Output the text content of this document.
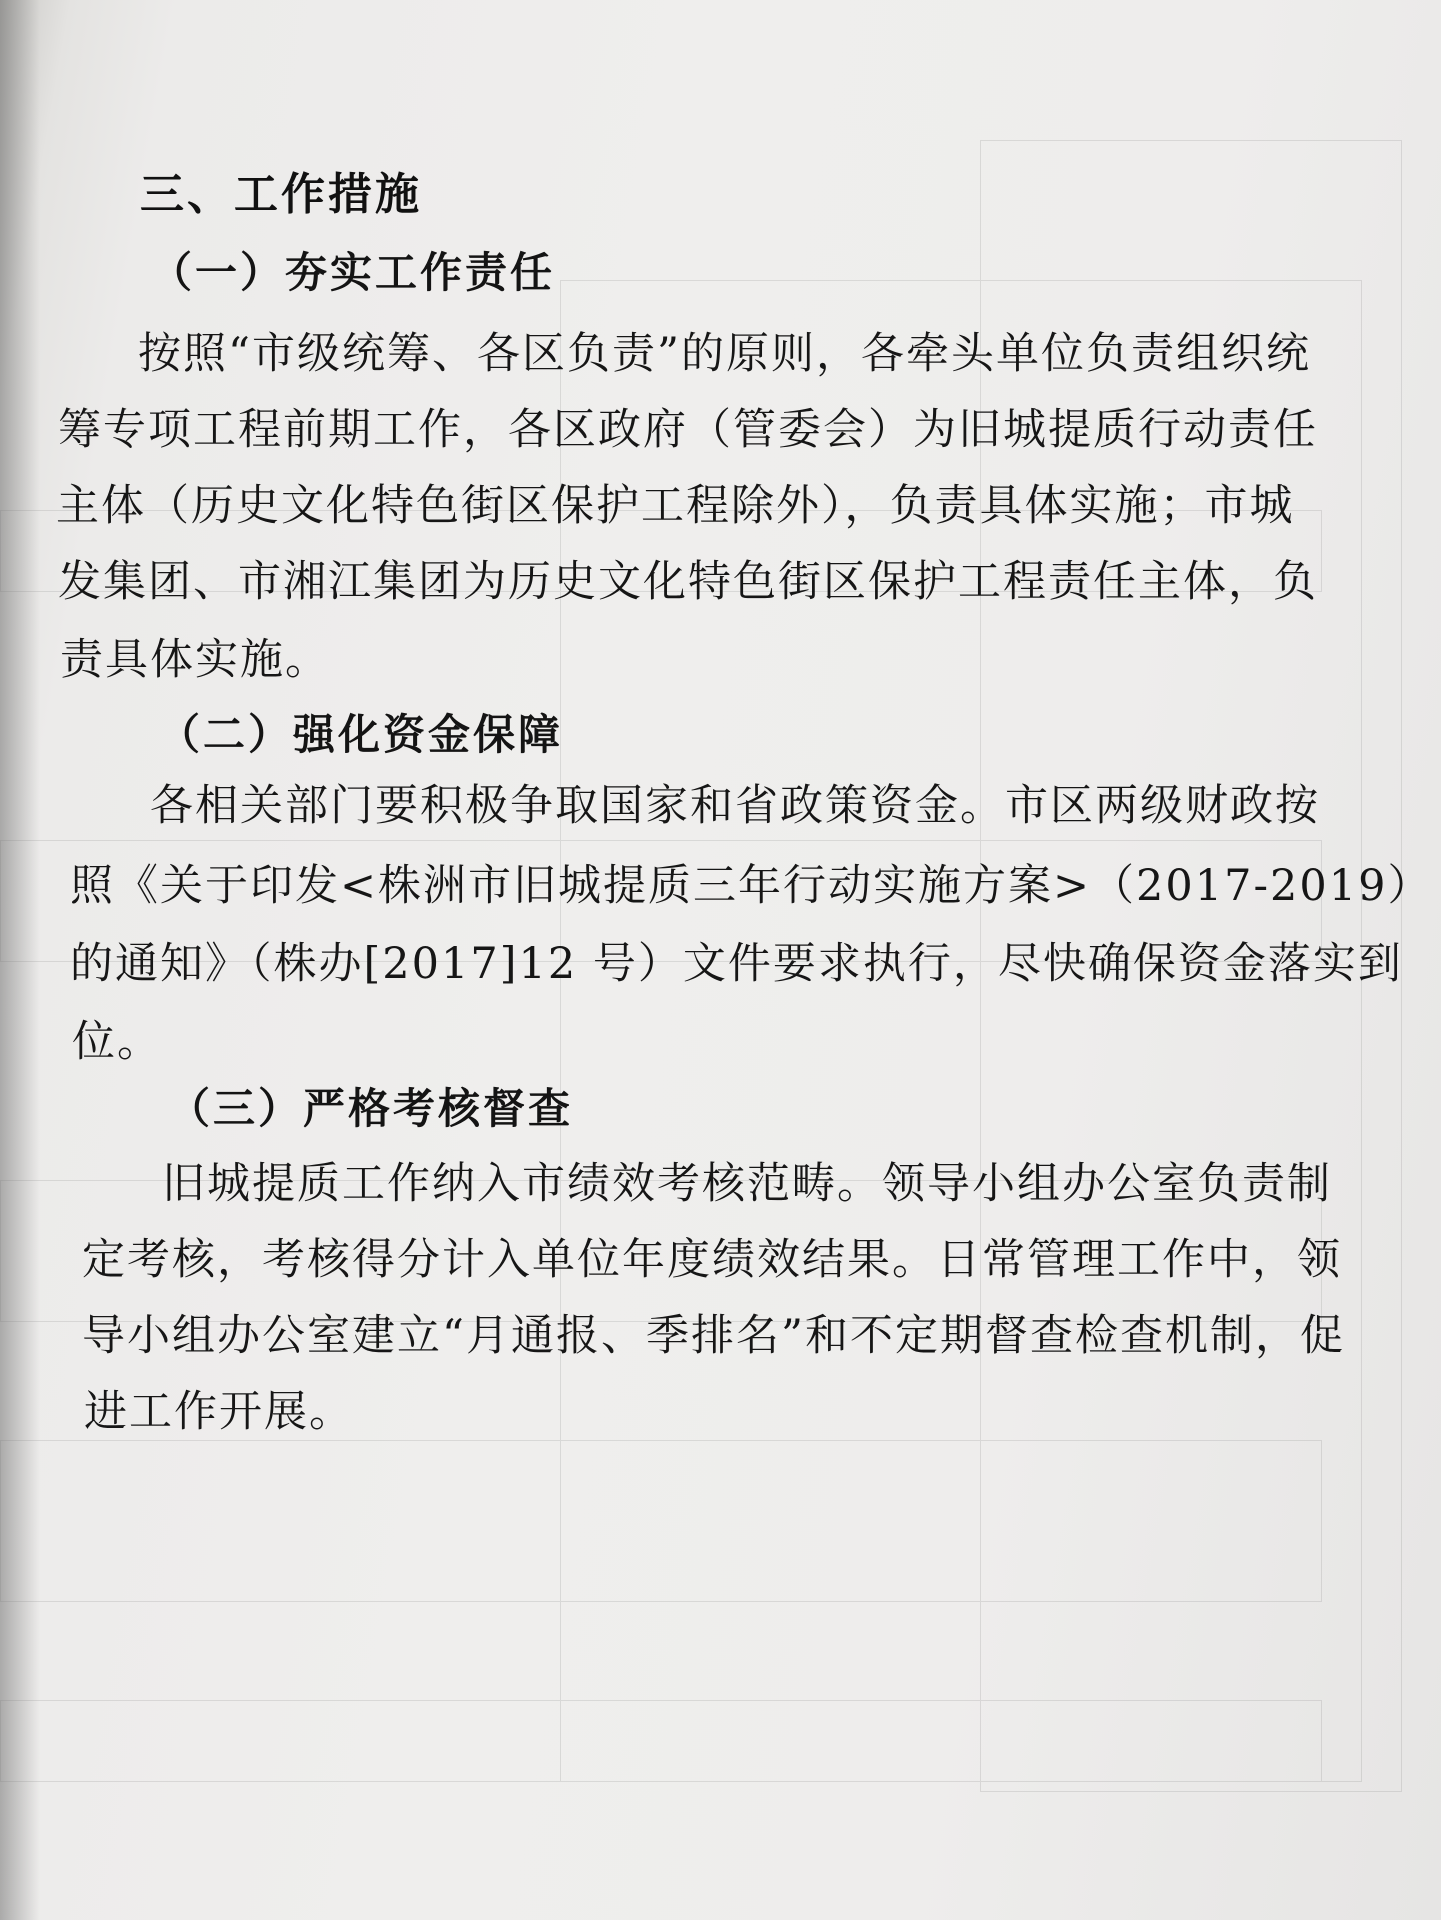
三、工作措施
（一）夯实工作责任
按照“市级统筹、各区负责”的原则，各牵头单位负责组织统
筹专项工程前期工作，各区政府（管委会）为旧城提质行动责任
主体（历史文化特色街区保护工程除外），负责具体实施；市城
发集团、市湘江集团为历史文化特色街区保护工程责任主体，负
责具体实施。
（二）强化资金保障
各相关部门要积极争取国家和省政策资金。市区两级财政按
照《关于印发<株洲市旧城提质三年行动实施方案>（2017-2019）
的通知》（株办[2017]12 号）文件要求执行，尽快确保资金落实到
位。
（三）严格考核督查
旧城提质工作纳入市绩效考核范畴。领导小组办公室负责制
定考核，考核得分计入单位年度绩效结果。日常管理工作中，领
导小组办公室建立“月通报、季排名”和不定期督查检查机制，促
进工作开展。
